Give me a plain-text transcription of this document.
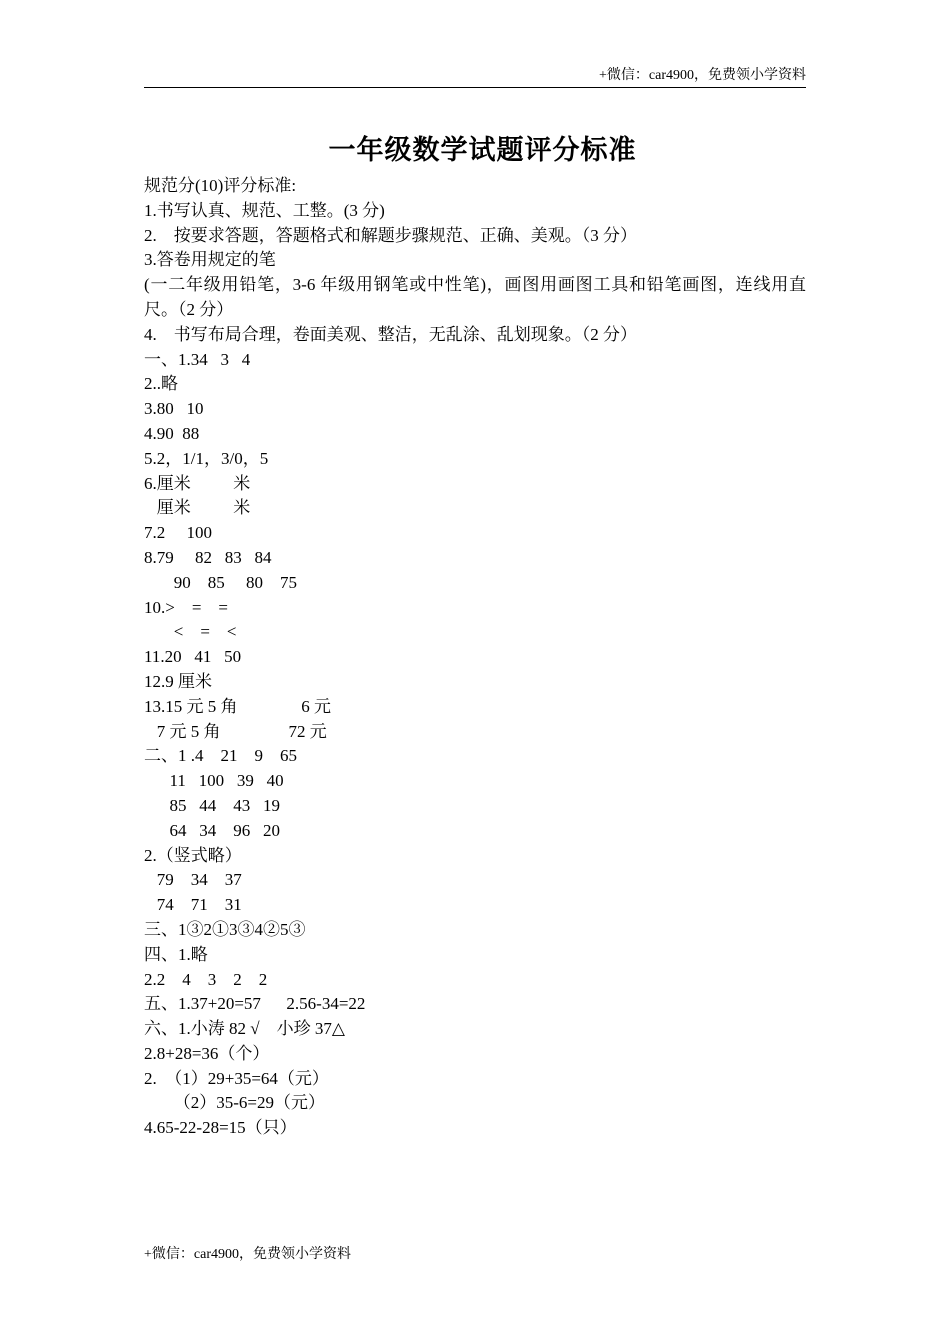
+微信：car4900，免费领小学资料
一年级数学试题评分标准
规范分(10)评分标准:
1.书写认真、规范、工整。(3 分)
2.    按要求答题，答题格式和解题步骤规范、正确、美观。（3 分）
3.答卷用规定的笔
(一二年级用铅笔，3-6 年级用钢笔或中性笔)，画图用画图工具和铅笔画图，连线用直尺。（2 分）
4.    书写布局合理，卷面美观、整洁，无乱涂、乱划现象。（2 分）
一、1.34   3   4
2..略
3.80   10
4.90  88
5.2，1/1，3/0，5
6.厘米          米
厘米          米
7.2     100
8.79     82   83   84
90    85     80    75
10.>    =    =
<    =    <
11.20   41   50
12.9 厘米
13.15 元 5 角               6 元
7 元 5 角                72 元
二、1 .4    21    9    65
11   100   39   40
85   44    43   19
64   34    96   20
2.（竖式略）
79    34    37
74    71    31
三、1③2①3③4②5③
四、1.略
2.2    4    3    2    2
五、1.37+20=57      2.56-34=22
六、1.小涛 82 √    小珍 37△
2.8+28=36（个）
2.  （1）29+35=64（元）
（2）35-6=29（元）
4.65-22-28=15（只）
+微信：car4900，免费领小学资料
